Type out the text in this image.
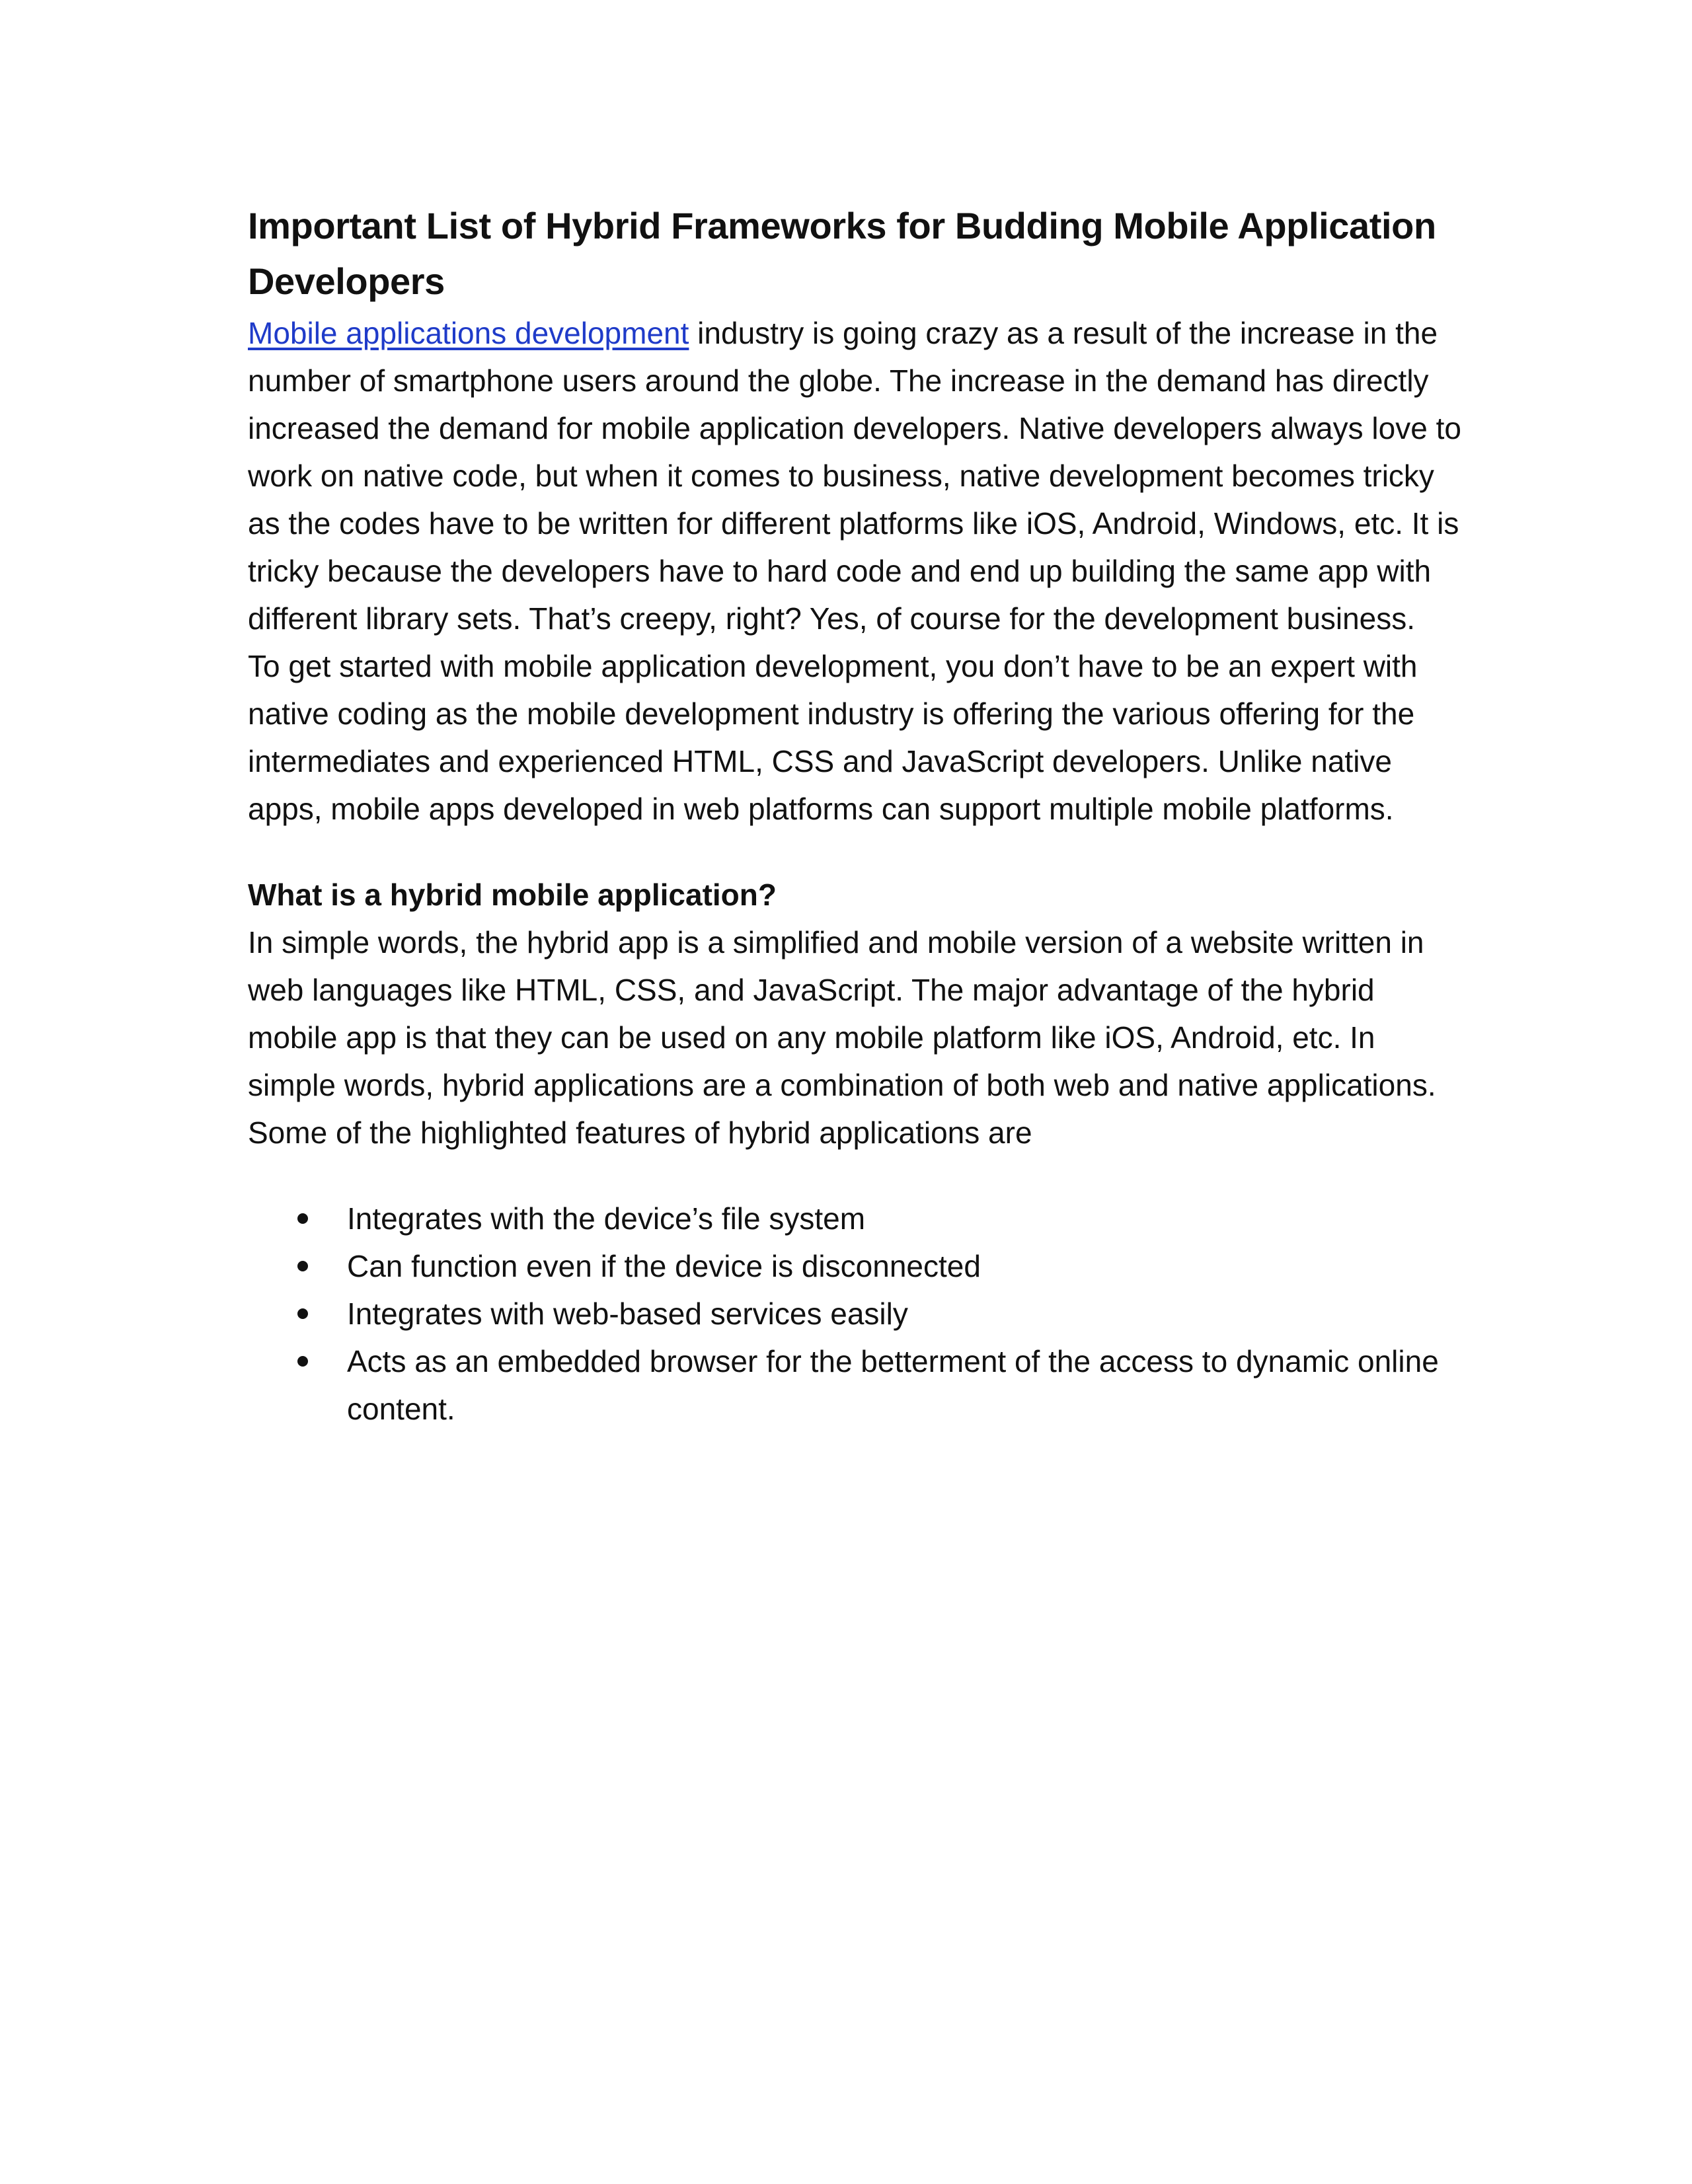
Important List of Hybrid Frameworks for Budding Mobile Application Developers

Mobile applications development industry is going crazy as a result of the increase in the number of smartphone users around the globe. The increase in the demand has directly increased the demand for mobile application developers. Native developers always love to work on native code, but when it comes to business, native development becomes tricky as the codes have to be written for different platforms like iOS, Android, Windows, etc. It is tricky because the developers have to hard code and end up building the same app with different library sets. That’s creepy, right? Yes, of course for the development business.

To get started with mobile application development, you don’t have to be an expert with native coding as the mobile development industry is offering the various offering for the intermediates and experienced HTML, CSS and JavaScript developers. Unlike native apps, mobile apps developed in web platforms can support multiple mobile platforms.

What is a hybrid mobile application?

In simple words, the hybrid app is a simplified and mobile version of a website written in web languages like HTML, CSS, and JavaScript. The major advantage of the hybrid mobile app is that they can be used on any mobile platform like iOS, Android, etc. In simple words, hybrid applications are a combination of both web and native applications. Some of the highlighted features of hybrid applications are

Integrates with the device’s file system
Can function even if the device is disconnected
Integrates with web-based services easily
Acts as an embedded browser for the betterment of the access to dynamic online content.
